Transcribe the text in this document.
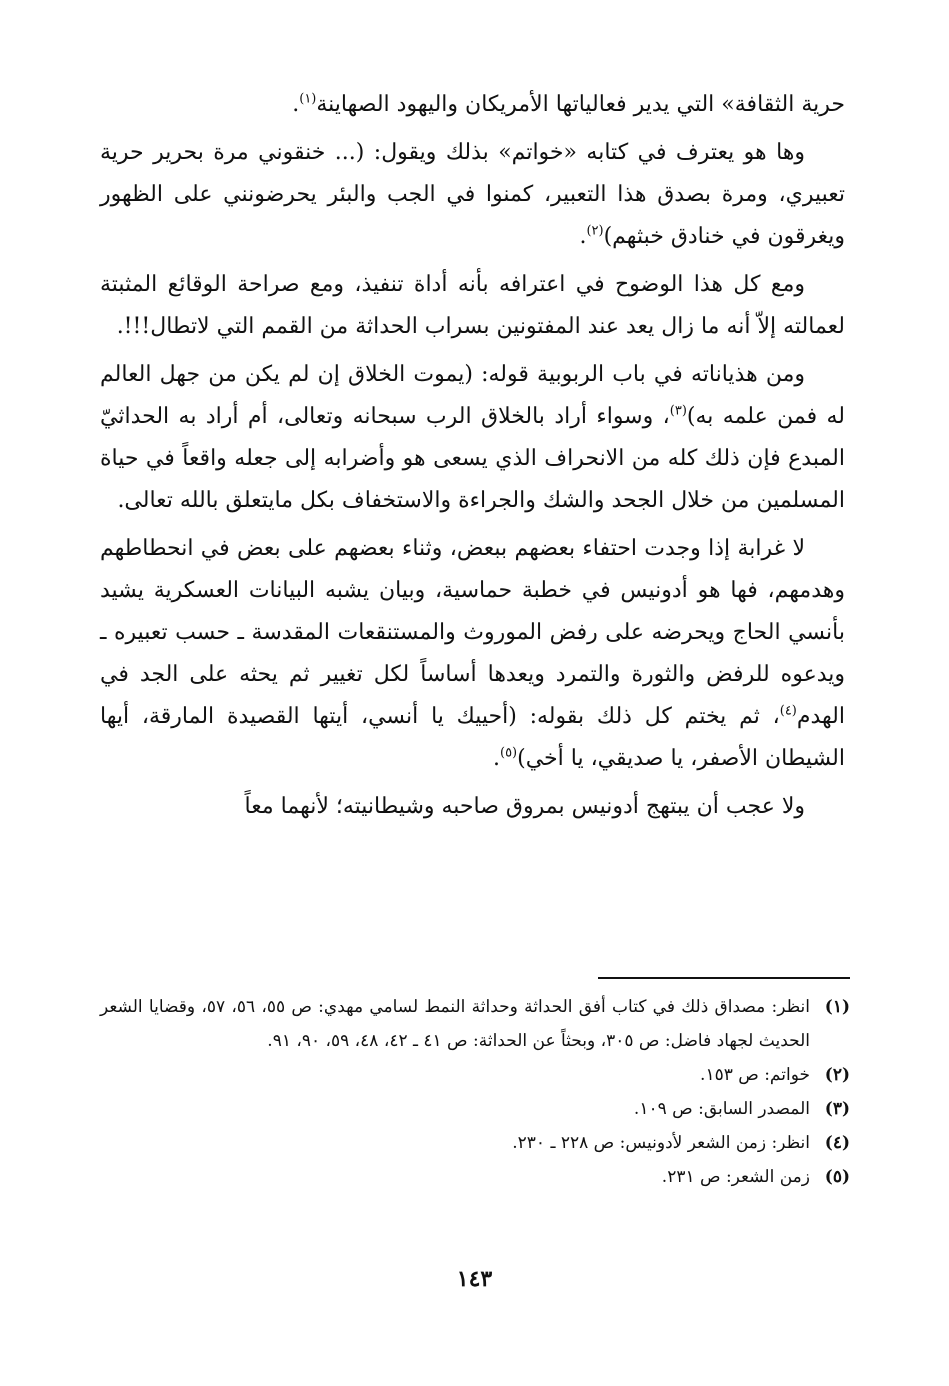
حرية الثقافة» التي يدير فعالياتها الأمريكان واليهود الصهاينة$^{(١)}$.

وها هو يعترف في كتابه «خواتم» بذلك ويقول: (... خنقوني مرة بحرير حرية تعبيري، ومرة بصدق هذا التعبير، كمنوا في الجب والبئر يحرضونني على الظهور ويغرقون في خنادق خبثهم)$^{(٢)}$.

ومع كل هذا الوضوح في اعترافه بأنه أداة تنفيذ، ومع صراحة الوقائع المثبتة لعمالته إلاّ أنه ما زال يعد عند المفتونين بسراب الحداثة من القمم التي لاتطال!!!.

ومن هذياناته في باب الربوبية قوله: (يموت الخلاق إن لم يكن من جهل العالم له فمن علمه به)$^{(٣)}$، وسواء أراد بالخلاق الرب سبحانه وتعالى، أم أراد به الحداثيّ المبدع فإن ذلك كله من الانحراف الذي يسعى هو وأضرابه إلى جعله واقعاً في حياة المسلمين من خلال الجحد والشك والجراءة والاستخفاف بكل مايتعلق بالله تعالى.

لا غرابة إذا وجدت احتفاء بعضهم ببعض، وثناء بعضهم على بعض في انحطاطهم وهدمهم، فها هو أدونيس في خطبة حماسية، وبيان يشبه البيانات العسكرية يشيد بأنسي الحاج ويحرضه على رفض الموروث والمستنقعات المقدسة ـ حسب تعبيره ـ ويدعوه للرفض والثورة والتمرد ويعدها أساساً لكل تغيير ثم يحثه على الجد في الهدم$^{(٤)}$، ثم يختم كل ذلك بقوله: (أحييك يا أنسي، أيتها القصيدة المارقة، أيها الشيطان الأصفر، يا صديقي، يا أخي)$^{(٥)}$.

ولا عجب أن يبتهج أدونيس بمروق صاحبه وشيطانيته؛ لأنهما معاً

(١)
انظر: مصداق ذلك في كتاب أفق الحداثة وحداثة النمط لسامي مهدي: ص ٥٥، ٥٦، ٥٧، وقضايا الشعر الحديث لجهاد فاضل: ص ٣٠٥، وبحثاً عن الحداثة: ص ٤١ ـ ٤٢، ٤٨، ٥٩، ٩٠، ٩١.
(٢)
خواتم: ص ١٥٣.
(٣)
المصدر السابق: ص ١٠٩.
(٤)
انظر: زمن الشعر لأدونيس: ص ٢٢٨ ـ ٢٣٠.
(٥)
زمن الشعر: ص ٢٣١.
١٤٣
